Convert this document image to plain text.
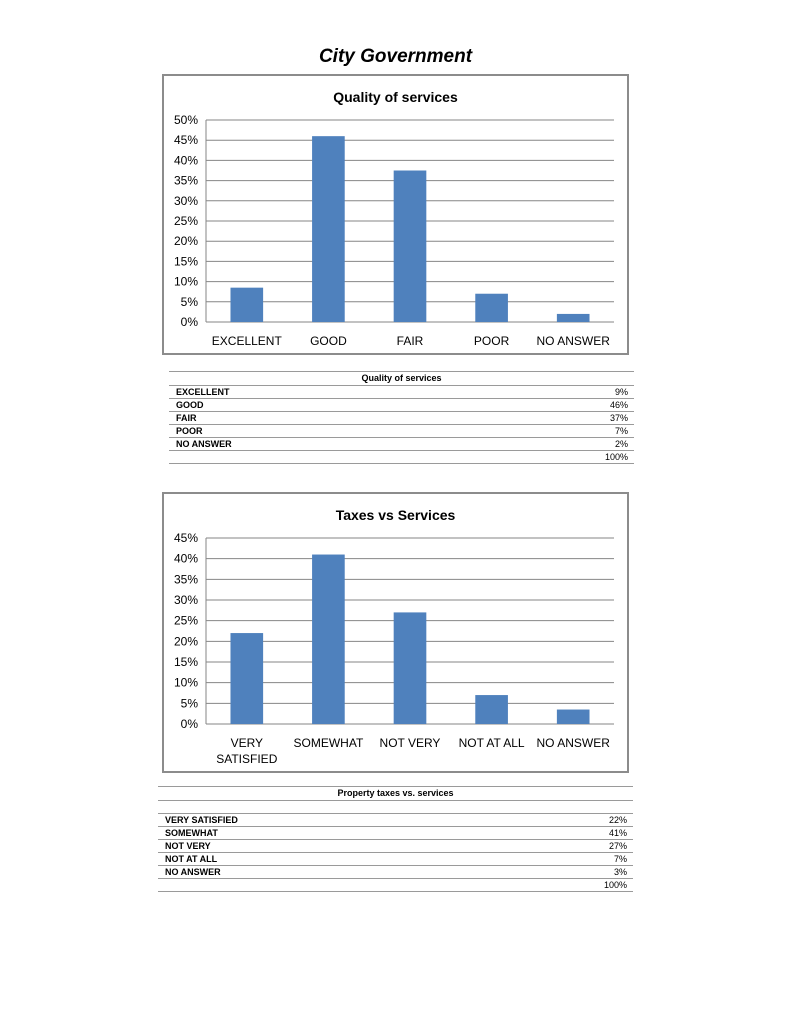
City Government
Quality of services
0%
5%
10%
15%
20%
25%
30%
35%
40%
45%
50%
EXCELLENT GOOD	FAIR	POOR NO ANSWER
Quality of services
EXCELLENT	9%
GOOD	46%
FAIR	37%
POOR	7%
NO ANSWER	2%
100%
Taxes vs Services
0%
5%
10%
15%
20%
25%
30%
35%
40%
45%
VERY
SATISFIED
SOMEWHAT NOT VERY NOT AT ALL NO ANSWER
Property taxes vs. services
VERY SATISFIED	22%
SOMEWHAT	41%
NOT VERY	27%
NOT AT ALL	7%
NO ANSWER	3%
100%
